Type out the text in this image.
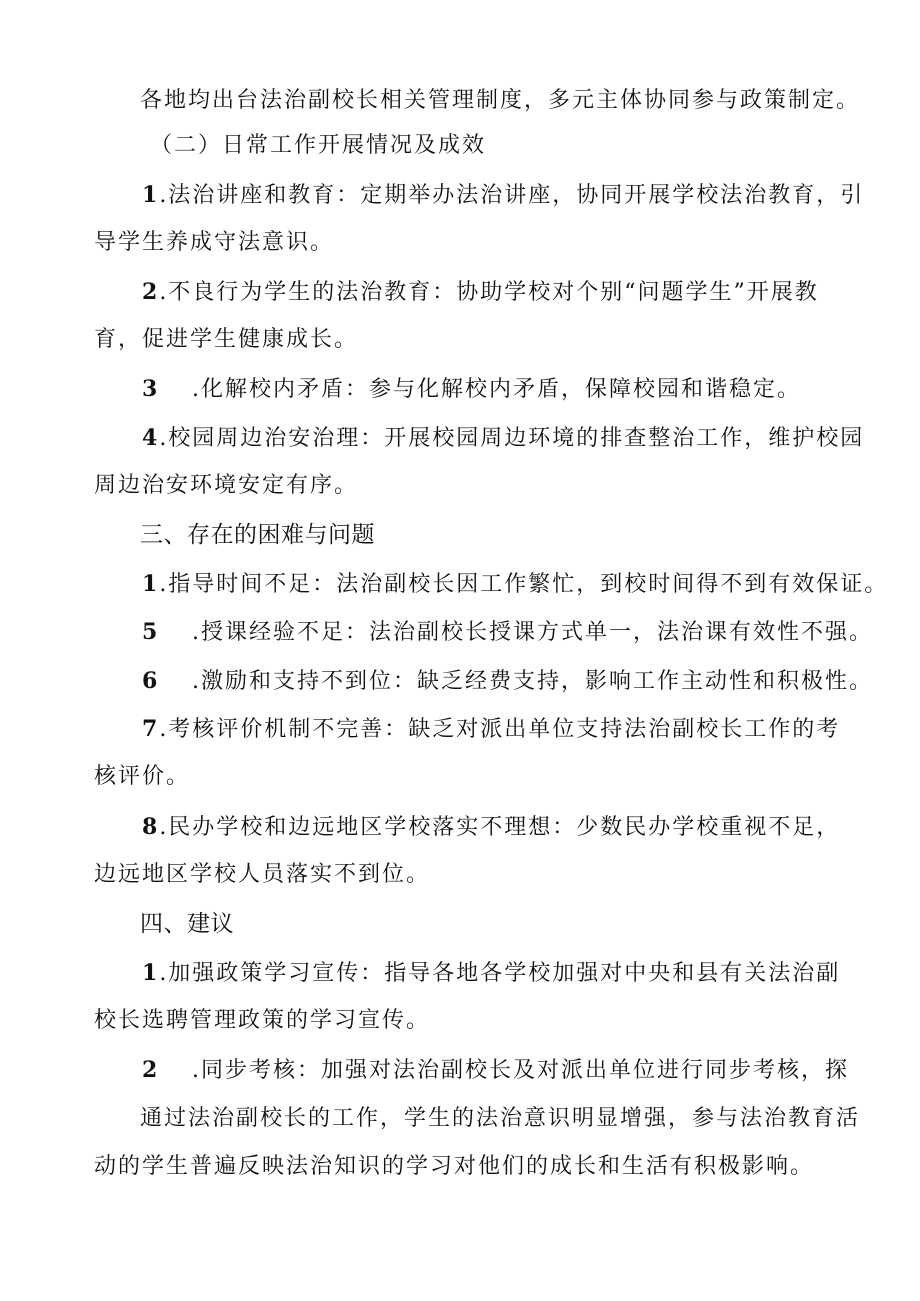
各地均出台法治副校长相关管理制度，多元主体协同参与政策制定。
（二）日常工作开展情况及成效
1.法治讲座和教育：定期举办法治讲座，协同开展学校法治教育，引
导学生养成守法意识。
2.不良行为学生的法治教育：协助学校对个别“问题学生”开展教
育，促进学生健康成长。
3 .化解校内矛盾：参与化解校内矛盾，保障校园和谐稳定。
4.校园周边治安治理：开展校园周边环境的排查整治工作，维护校园
周边治安环境安定有序。
三、存在的困难与问题
1.指导时间不足：法治副校长因工作繁忙，到校时间得不到有效保证。
5 .授课经验不足：法治副校长授课方式单一，法治课有效性不强。
6 .激励和支持不到位：缺乏经费支持，影响工作主动性和积极性。
7.考核评价机制不完善：缺乏对派出单位支持法治副校长工作的考
核评价。
8.民办学校和边远地区学校落实不理想：少数民办学校重视不足，
边远地区学校人员落实不到位。
四、建议
1.加强政策学习宣传：指导各地各学校加强对中央和县有关法治副
校长选聘管理政策的学习宣传。
2 .同步考核：加强对法治副校长及对派出单位进行同步考核，探
通过法治副校长的工作，学生的法治意识明显增强，参与法治教育活
动的学生普遍反映法治知识的学习对他们的成长和生活有积极影响。
